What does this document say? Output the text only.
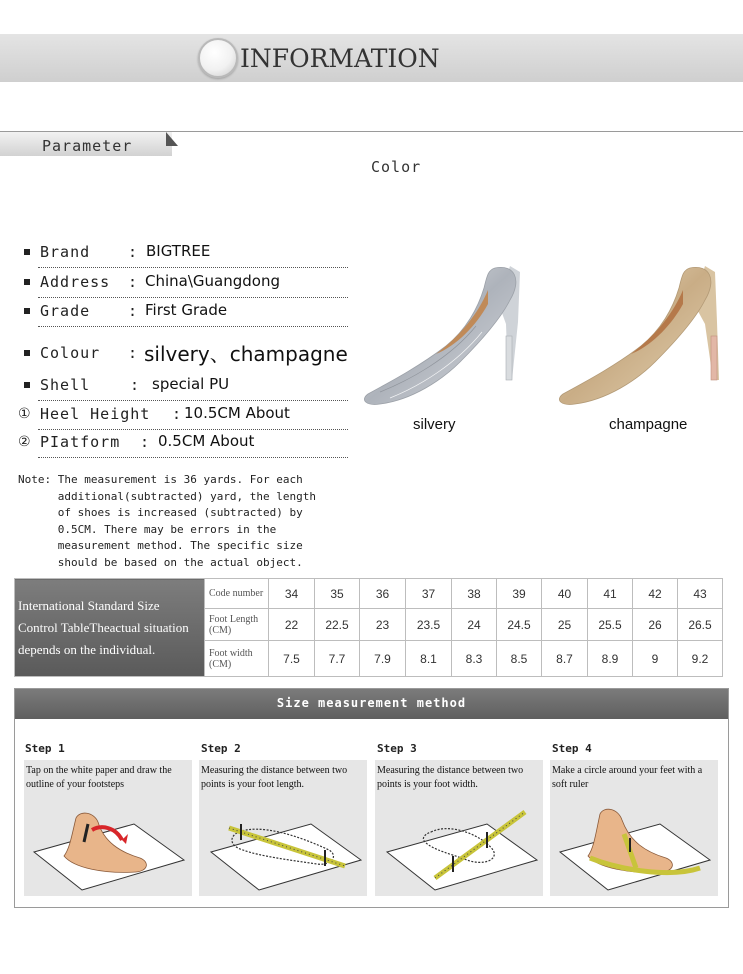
INFORMATION
Parameter
Color
Brand	: BIGTREE
Address : China\Guangdong
Grade	: First Grade
Colour : silvery、champagne
Shell	: special PU
① Heel Height : 10.5CM About
② PIatform : 0.5CM About
silvery	champagne
Note: The measurement is 36 yards. For each
additional(subtracted) yard, the length
of shoes is increased (subtracted) by
0.5CM. There may be errors in the
measurement method. The specific size
should be based on the actual object.
International Standard Size
Control TableTheactual situation
depends on the individual.	Code number	34	35	36	37	38	39	40	41	42	43
	Foot Length (CM)	22	22.5	23	23.5	24	24.5	25	25.5	26	26.5
	Foot width (CM)	7.5	7.7	7.9	8.1	8.3	8.5	8.7	8.9	9	9.2
Size measurement method
Step 1	Step 2	Step 3	Step 4
Tap on the white paper and draw the outline of your footsteps
Measuring the distance between two points is your foot length.
Measuring the distance between two points is your foot width.
Make a circle around your feet with a soft ruler
